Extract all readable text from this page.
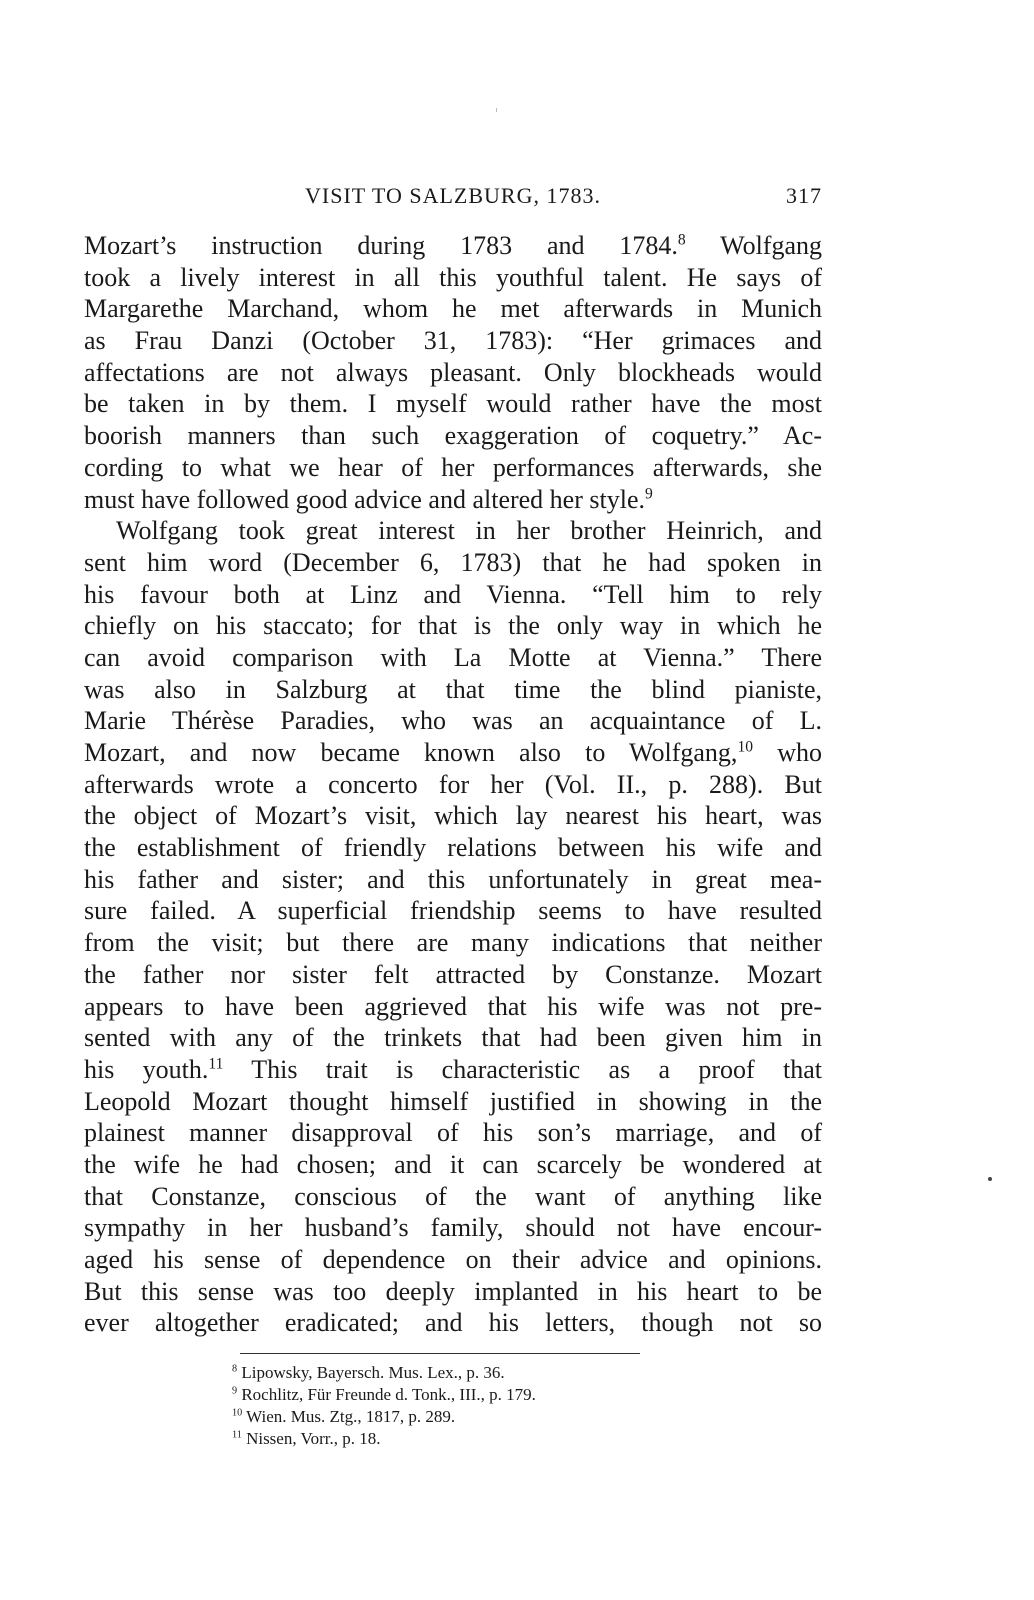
VISIT TO SALZBURG, 1783.	317
Mozart’s instruction during 1783 and 1784.$^8$ Wolfgang
took a lively interest in all this youthful talent. He says of
Margarethe Marchand, whom he met afterwards in Munich
as Frau Danzi (October 31, 1783): “Her grimaces and
affectations are not always pleasant. Only blockheads would
be taken in by them. I myself would rather have the most
boorish manners than such exaggeration of coquetry.” Ac-
cording to what we hear of her performances afterwards, she
must have followed good advice and altered her style.$^9$
Wolfgang took great interest in her brother Heinrich, and
sent him word (December 6, 1783) that he had spoken in
his favour both at Linz and Vienna. “Tell him to rely
chiefly on his staccato; for that is the only way in which he
can avoid comparison with La Motte at Vienna.” There
was also in Salzburg at that time the blind pianiste,
Marie Thérèse Paradies, who was an acquaintance of L.
Mozart, and now became known also to Wolfgang,$^{10}$ who
afterwards wrote a concerto for her (Vol. II., p. 288). But
the object of Mozart’s visit, which lay nearest his heart, was
the establishment of friendly relations between his wife and
his father and sister; and this unfortunately in great mea-
sure failed. A superficial friendship seems to have resulted
from the visit; but there are many indications that neither
the father nor sister felt attracted by Constanze. Mozart
appears to have been aggrieved that his wife was not pre-
sented with any of the trinkets that had been given him in
his youth.$^{11}$ This trait is characteristic as a proof that
Leopold Mozart thought himself justified in showing in the
plainest manner disapproval of his son’s marriage, and of
the wife he had chosen; and it can scarcely be wondered at
that Constanze, conscious of the want of anything like
sympathy in her husband’s family, should not have encour-
aged his sense of dependence on their advice and opinions.
But this sense was too deeply implanted in his heart to be
ever altogether eradicated; and his letters, though not so
$^8$ Lipowsky, Bayersch. Mus. Lex., p. 36.
$^9$ Rochlitz, Für Freunde d. Tonk., III., p. 179.
$^{10}$ Wien. Mus. Ztg., 1817, p. 289.
$^{11}$ Nissen, Vorr., p. 18.
